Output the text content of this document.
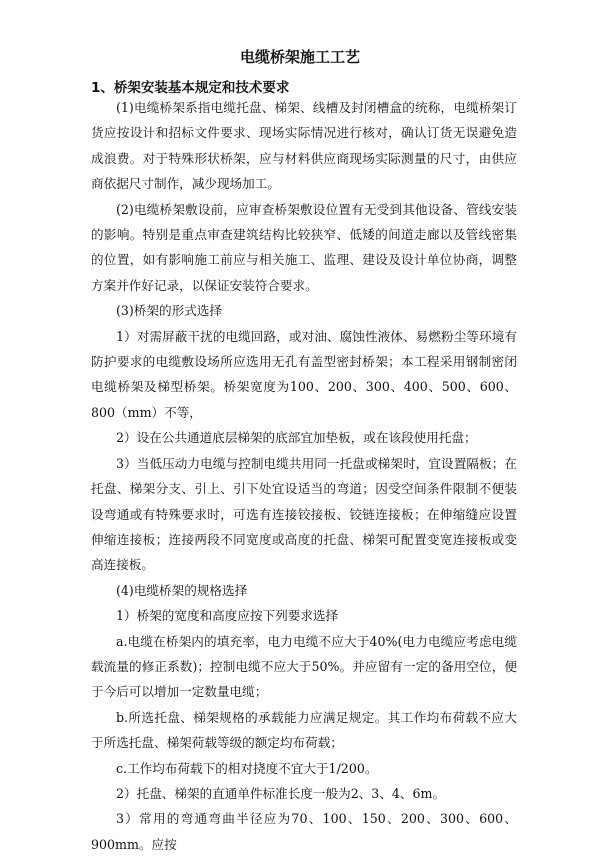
电缆桥架施工工艺
1、桥架安装基本规定和技术要求

(1)电缆桥架系指电缆托盘、梯架、线槽及封闭槽盒的统称，电缆桥架订货应按设计和招标文件要求、现场实际情况进行核对，确认订货无误避免造成浪费。对于特殊形状桥架，应与材料供应商现场实际测量的尺寸，由供应商依据尺寸制作，减少现场加工。

(2)电缆桥架敷设前，应审查桥架敷设位置有无受到其他设备、管线安装的影响。特别是重点审查建筑结构比较狭窄、低矮的间道走廊以及管线密集的位置，如有影响施工前应与相关施工、监理、建设及设计单位协商，调整方案并作好记录，以保证安装符合要求。

(3)桥架的形式选择

1）对需屏蔽干扰的电缆回路，或对油、腐蚀性液体、易燃粉尘等环境有防护要求的电缆敷设场所应选用无孔有盖型密封桥架；本工程采用钢制密闭电缆桥架及梯型桥架。桥架宽度为100、200、300、400、500、600、800（mm）不等，

2）设在公共通道底层梯架的底部宜加垫板，或在该段使用托盘；

3）当低压动力电缆与控制电缆共用同一托盘或梯架时，宜设置隔板；在托盘、梯架分支、引上、引下处宜设适当的弯道；因受空间条件限制不便装设弯通或有特殊要求时，可选有连接铰接板、铰链连接板；在伸缩缝应设置伸缩连接板；连接两段不同宽度或高度的托盘、梯架可配置变宽连接板或变高连接板。

(4)电缆桥架的规格选择

1）桥架的宽度和高度应按下列要求选择

a.电缆在桥架内的填充率，电力电缆不应大于40%(电力电缆应考虑电缆载流量的修正系数)；控制电缆不应大于50%。并应留有一定的备用空位，便于今后可以增加一定数量电缆；

b.所选托盘、梯架规格的承载能力应满足规定。其工作均布荷载不应大于所选托盘、梯架荷载等级的额定均布荷载；

c.工作均布荷载下的相对挠度不宜大于1/200。

2）托盘、梯架的直通单件标准长度一般为2、3、4、6m。

3）常用的弯通弯曲半径应为70、100、150、200、300、600、900mm。应按
